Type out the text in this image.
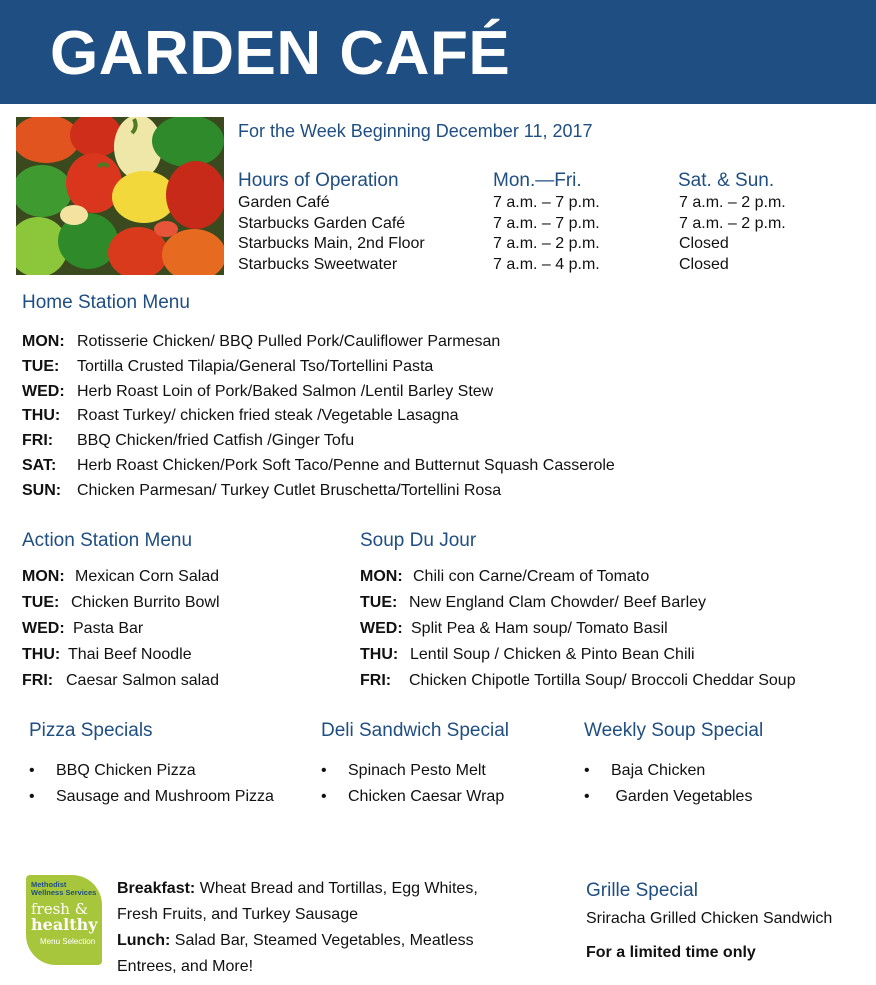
GARDEN CAFÉ
For the Week Beginning December 11, 2017
Hours of Operation	Mon.—Fri.	Sat. & Sun.
Garden Café
Starbucks Garden Café
Starbucks Main, 2nd Floor
Starbucks Sweetwater
7 a.m. – 7 p.m.
7 a.m. – 7 p.m.
7 a.m. – 2 p.m.
7 a.m. – 4 p.m.
7 a.m. – 2 p.m.
7 a.m. – 2 p.m.
Closed
Closed
Home Station Menu
MON: Rotisserie Chicken/ BBQ Pulled Pork/Cauliflower Parmesan
TUE: Tortilla Crusted Tilapia/General Tso/Tortellini Pasta
WED: Herb Roast Loin of Pork/Baked Salmon /Lentil Barley Stew
THU: Roast Turkey/ chicken fried steak /Vegetable Lasagna
FRI: BBQ Chicken/fried Catfish /Ginger Tofu
SAT: Herb Roast Chicken/Pork Soft Taco/Penne and Butternut Squash Casserole
SUN: Chicken Parmesan/ Turkey Cutlet Bruschetta/Tortellini Rosa
Action Station Menu
MON: Mexican Corn Salad
TUE: Chicken Burrito Bowl
WED: Pasta Bar
THU: Thai Beef Noodle
FRI: Caesar Salmon salad
Soup Du Jour
MON: Chili con Carne/Cream of Tomato
TUE: New England Clam Chowder/ Beef Barley
WED: Split Pea & Ham soup/ Tomato Basil
THU: Lentil Soup / Chicken & Pinto Bean Chili
FRI: Chicken Chipotle Tortilla Soup/ Broccoli Cheddar Soup
Pizza Specials
• BBQ Chicken Pizza
• Sausage and Mushroom Pizza
Deli Sandwich Special
• Spinach Pesto Melt
• Chicken Caesar Wrap
Weekly Soup Special
• Baja Chicken
•  Garden Vegetables
Methodist
Wellness Services
fresh &
healthy
Menu Selection
Breakfast: Wheat Bread and Tortillas, Egg Whites, Fresh Fruits, and Turkey Sausage
Lunch: Salad Bar, Steamed Vegetables, Meatless Entrees, and More!
Grille Special
Sriracha Grilled Chicken Sandwich
For a limited time only
